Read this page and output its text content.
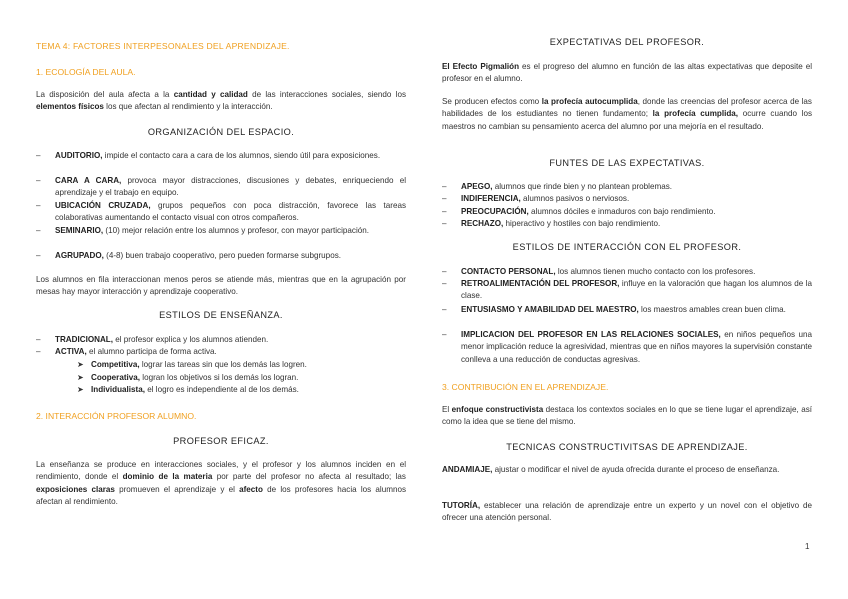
TEMA 4: FACTORES INTERPESONALES DEL APRENDIZAJE.
1. ECOLOGÍA DEL AULA.
La disposición del aula afecta a la cantidad y calidad de las interacciones sociales, siendo los elementos físicos los que afectan al rendimiento y la interacción.
ORGANIZACIÓN DEL ESPACIO.
– AUDITORIO, impide el contacto cara a cara de los alumnos, siendo útil para exposiciones.
– CARA A CARA, provoca mayor distracciones, discusiones y debates, enriqueciendo el aprendizaje y el trabajo en equipo.
– UBICACIÓN CRUZADA, grupos pequeños con poca distracción, favorece las tareas colaborativas aumentando el contacto visual con otros compañeros.
– SEMINARIO, (10) mejor relación entre los alumnos y profesor, con mayor participación.
– AGRUPADO, (4-8) buen trabajo cooperativo, pero pueden formarse subgrupos.
Los alumnos en fila interaccionan menos peros se atiende más, mientras que en la agrupación por mesas hay mayor interacción y aprendizaje cooperativo.
ESTILOS DE ENSEÑANZA.
– TRADICIONAL, el profesor explica y los alumnos atienden.
– ACTIVA, el alumno participa de forma activa.
➤ Competitiva, lograr las tareas sin que los demás las logren.
➤ Cooperativa, logran los objetivos si los demás los logran.
➤ Individualista, el logro es independiente al de los demás.
2. INTERACCIÓN PROFESOR ALUMNO.
PROFESOR EFICAZ.
La enseñanza se produce en interacciones sociales, y el profesor y los alumnos inciden en el rendimiento, donde el dominio de la materia por parte del profesor no afecta al resultado; las exposiciones claras promueven el aprendizaje y el afecto de los profesores hacia los alumnos afectan al rendimiento.
EXPECTATIVAS DEL PROFESOR.
El Efecto Pigmalión es el progreso del alumno en función de las altas expectativas que deposite el profesor en el alumno.
Se producen efectos como la profecía autocumplida, donde las creencias del profesor acerca de las habilidades de los estudiantes no tienen fundamento; la profecía cumplida, ocurre cuando los maestros no cambian su pensamiento acerca del alumno por una mejoría en el resultado.
FUNTES DE LAS EXPECTATIVAS.
– APEGO, alumnos que rinde bien y no plantean problemas.
– INDIFERENCIA, alumnos pasivos o nerviosos.
– PREOCUPACIÓN, alumnos dóciles e inmaduros con bajo rendimiento.
– RECHAZO, hiperactivo y hostiles con bajo rendimiento.
ESTILOS DE INTERACCIÓN CON EL PROFESOR.
– CONTACTO PERSONAL, los alumnos tienen mucho contacto con los profesores.
– RETROALIMENTACIÓN DEL PROFESOR, influye en la valoración que hagan los alumnos de la clase.
– ENTUSIASMO Y AMABILIDAD DEL MAESTRO, los maestros amables crean buen clima.
– IMPLICACION DEL PROFESOR EN LAS RELACIONES SOCIALES, en niños pequeños una menor implicación reduce la agresividad, mientras que en niños mayores la supervisión constante conlleva a una reducción de conductas agresivas.
3. CONTRIBUCIÓN EN EL APRENDIZAJE.
El enfoque constructivista destaca los contextos sociales en lo que se tiene lugar el aprendizaje, así como la idea que se tiene del mismo.
TECNICAS CONSTRUCTIVITSAS DE APRENDIZAJE.
ANDAMIAJE, ajustar o modificar el nivel de ayuda ofrecida durante el proceso de enseñanza.
TUTORÍA, establecer una relación de aprendizaje entre un experto y un novel con el objetivo de ofrecer una atención personal.
1
